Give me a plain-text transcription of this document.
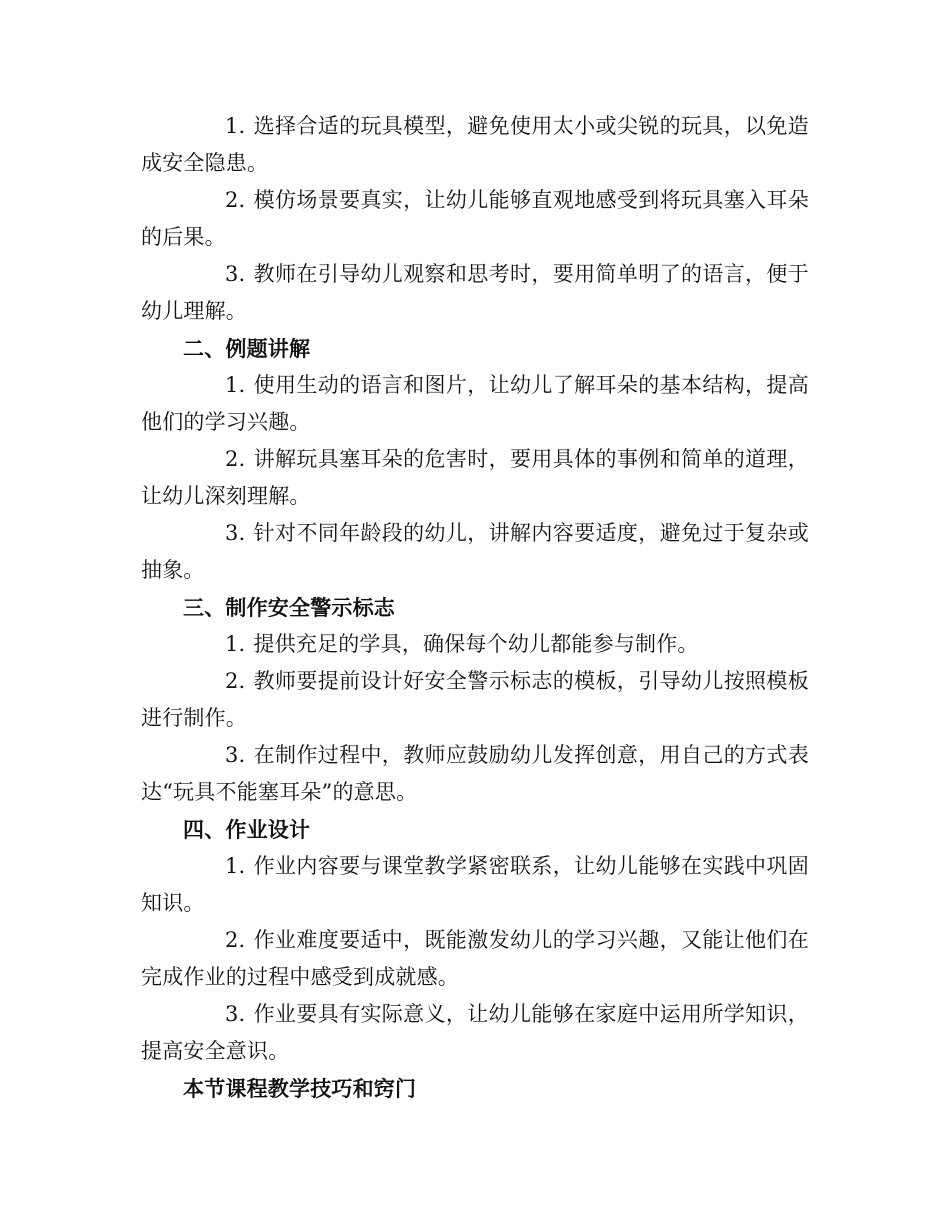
1. 选择合适的玩具模型，避免使用太小或尖锐的玩具，以免造成安全隐患。

2. 模仿场景要真实，让幼儿能够直观地感受到将玩具塞入耳朵的后果。

3. 教师在引导幼儿观察和思考时，要用简单明了的语言，便于幼儿理解。

二、例题讲解

1. 使用生动的语言和图片，让幼儿了解耳朵的基本结构，提高他们的学习兴趣。

2. 讲解玩具塞耳朵的危害时，要用具体的事例和简单的道理，让幼儿深刻理解。

3. 针对不同年龄段的幼儿，讲解内容要适度，避免过于复杂或抽象。

三、制作安全警示标志

1. 提供充足的学具，确保每个幼儿都能参与制作。

2. 教师要提前设计好安全警示标志的模板，引导幼儿按照模板进行制作。

3. 在制作过程中，教师应鼓励幼儿发挥创意，用自己的方式表达“玩具不能塞耳朵”的意思。

四、作业设计

1. 作业内容要与课堂教学紧密联系，让幼儿能够在实践中巩固知识。

2. 作业难度要适中，既能激发幼儿的学习兴趣，又能让他们在完成作业的过程中感受到成就感。

3. 作业要具有实际意义，让幼儿能够在家庭中运用所学知识，提高安全意识。

本节课程教学技巧和窍门
